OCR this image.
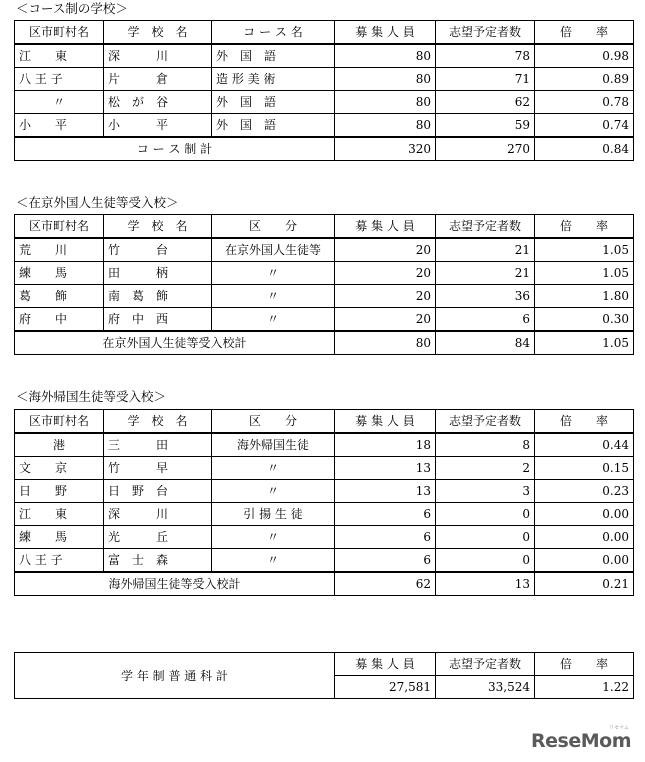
＜コース制の学校＞
区市町村名	学　校　名	コ ー ス 名	募 集 人 員	志望予定者数	倍　　率
江　　東	深　　　川	外　国　語	80	78	0.98
八 王 子	片　　　倉	造 形 美 術	80	71	0.89
〃	松　が　谷	外　国　語	80	62	0.78
小　　平	小　　　平	外　国　語	80	59	0.74
コ ー ス 制 計			320	270	0.84
＜在京外国人生徒等受入校＞
区市町村名	学　校　名	区　　分	募 集 人 員	志望予定者数	倍　　率
荒　　川	竹　　　台	在京外国人生徒等	20	21	1.05
練　　馬	田　　　柄	〃	20	21	1.05
葛　　飾	南　葛　飾	〃	20	36	1.80
府　　中	府　中　西	〃	20	6	0.30
在京外国人生徒等受入校計			80	84	1.05
＜海外帰国生徒等受入校＞
区市町村名	学　校　名	区　　分	募 集 人 員	志望予定者数	倍　　率
港	三　　　田	海外帰国生徒	18	8	0.44
文　　京	竹　　　早	〃	13	2	0.15
日　　野	日　野　台	〃	13	3	0.23
江　　東	深　　　川	引 揚 生 徒	6	0	0.00
練　　馬	光　　　丘	〃	6	0	0.00
八 王 子	富　士　森	〃	6	0	0.00
海外帰国生徒等受入校計			62	13	0.21
学 年 制 普 通 科 計	募 集 人 員	志望予定者数	倍　　率
	27,581	33,524	1.22
ReseMom
リセマム
